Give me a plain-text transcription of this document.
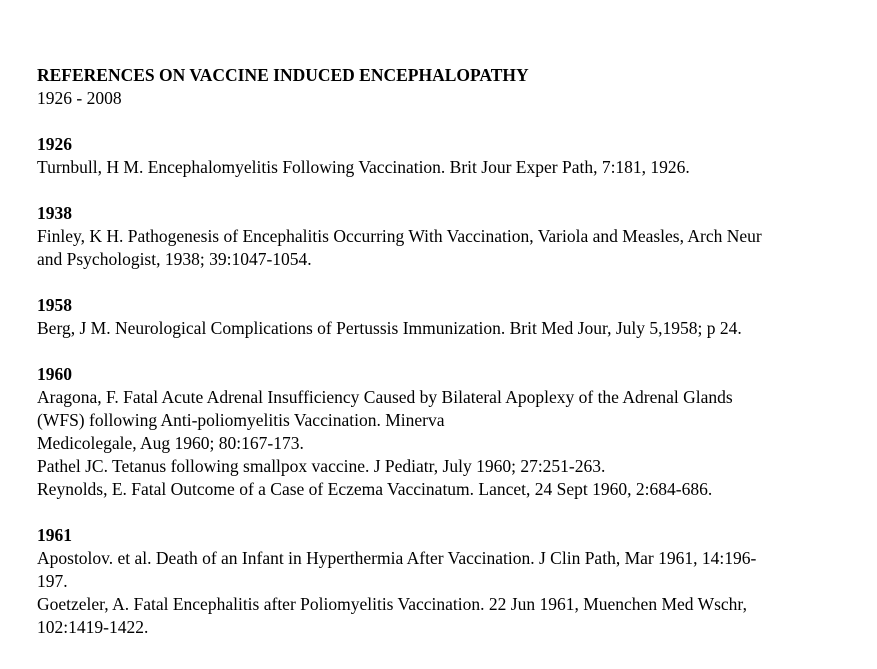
REFERENCES ON VACCINE INDUCED ENCEPHALOPATHY
1926 - 2008
1926
Turnbull, H M. Encephalomyelitis Following Vaccination. Brit Jour Exper Path, 7:181, 1926.
1938
Finley, K H. Pathogenesis of Encephalitis Occurring With Vaccination, Variola and Measles, Arch Neur
and Psychologist, 1938; 39:1047-1054.
1958
Berg, J M. Neurological Complications of Pertussis Immunization. Brit Med Jour, July 5,1958; p 24.
1960
Aragona, F. Fatal Acute Adrenal Insufficiency Caused by Bilateral Apoplexy of the Adrenal Glands
(WFS) following Anti-poliomyelitis Vaccination. Minerva
Medicolegale, Aug 1960; 80:167-173.
Pathel JC. Tetanus following smallpox vaccine. J Pediatr, July 1960; 27:251-263.
Reynolds, E. Fatal Outcome of a Case of Eczema Vaccinatum. Lancet, 24 Sept 1960, 2:684-686.
1961
Apostolov. et al. Death of an Infant in Hyperthermia After Vaccination. J Clin Path, Mar 1961, 14:196-
197.
Goetzeler, A. Fatal Encephalitis after Poliomyelitis Vaccination. 22 Jun 1961, Muenchen Med Wschr,
102:1419-1422.
